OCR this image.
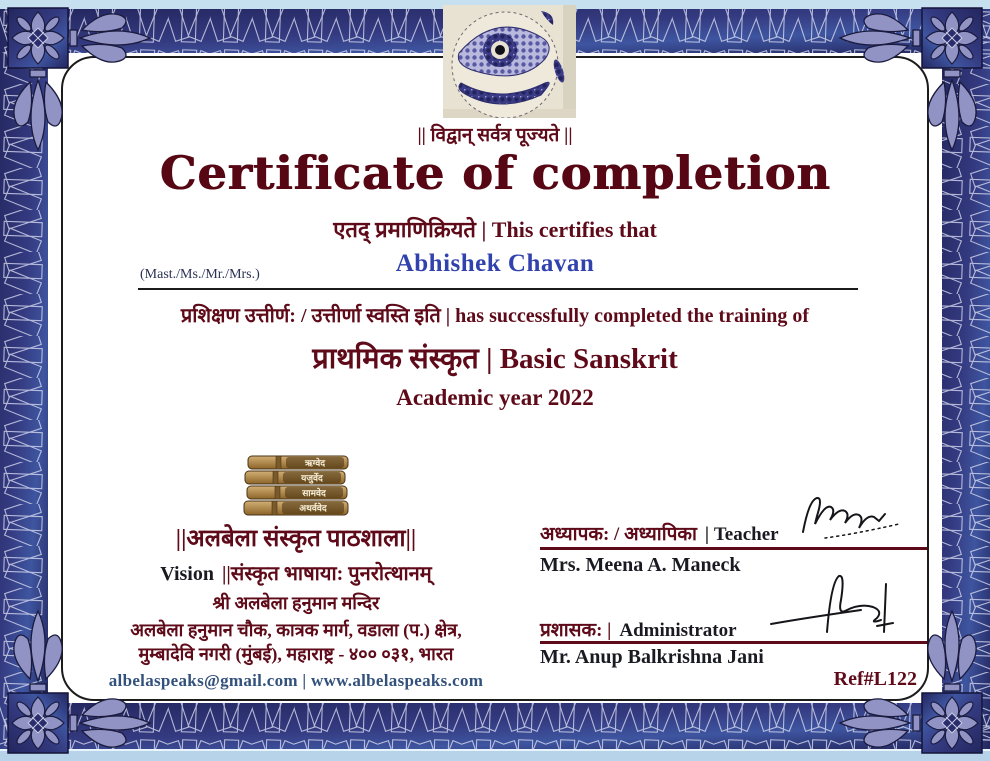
|| विद्वान् सर्वत्र पूज्यते ||
Certificate of completion
एतद् प्रमाणिक्रियते | This certifies that
Abhishek Chavan
(Mast./Ms./Mr./Mrs.)
प्रशिक्षण उत्तीर्ण: / उत्तीर्णा स्वस्ति इति | has successfully completed the training of
प्राथमिक संस्कृत | Basic Sanskrit
Academic year 2022
ऋग्वेद
यजुर्वेद
सामवेद
अथर्ववेद
||अलबेला संस्कृत पाठशाला||
Vision ||संस्कृत भाषाया: पुनरोत्थानम्
श्री अलबेला हनुमान मन्दिर
अलबेला हनुमान चौक, कात्रक मार्ग, वडाला (प.) क्षेत्र,
मुम्बादेवि नगरी (मुंबई), महाराष्ट्र - ४०० ०३१, भारत
albelaspeaks@gmail.com | www.albelaspeaks.com
अध्यापक: / अध्यापिका | Teacher
Mrs. Meena A. Maneck
प्रशासक: | Administrator
Mr. Anup Balkrishna Jani
Ref#L122
